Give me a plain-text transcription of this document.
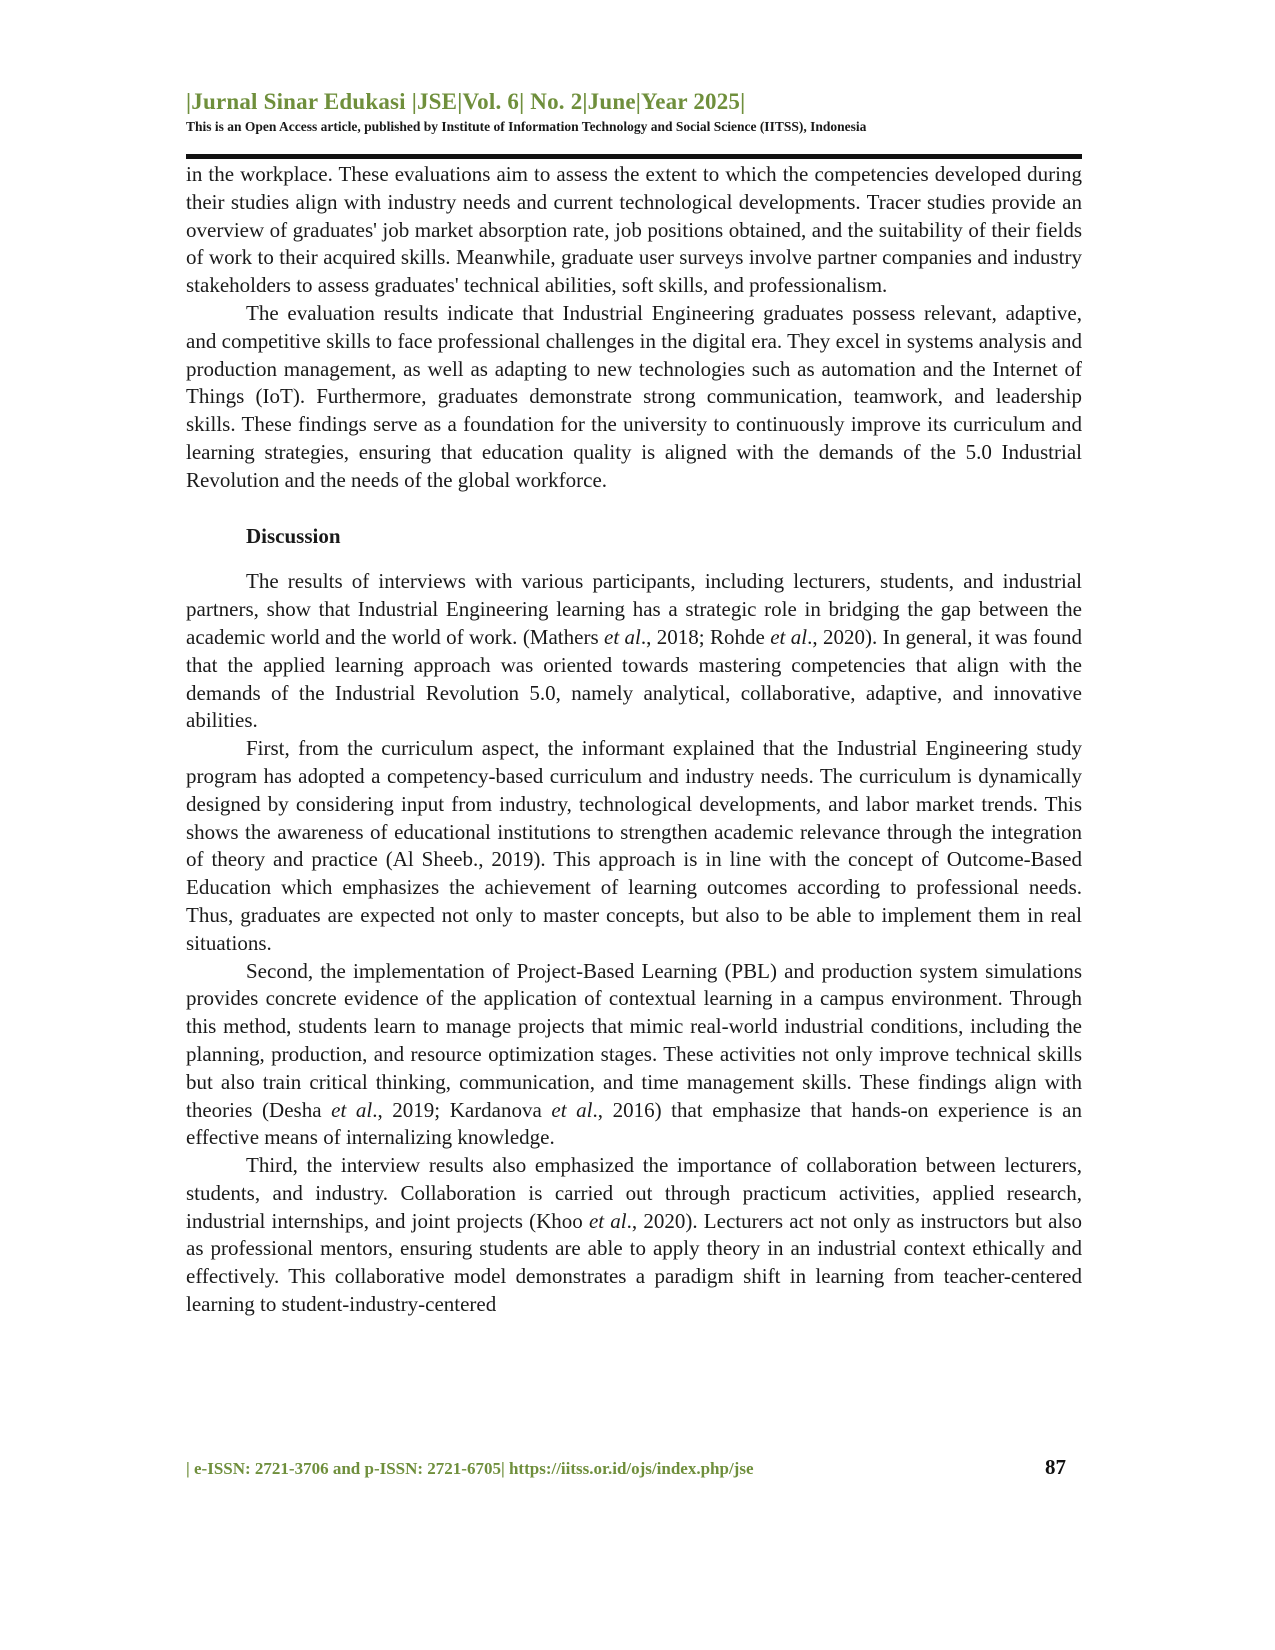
|Jurnal Sinar Edukasi |JSE|Vol. 6| No. 2|June|Year 2025|

This is an Open Access article, published by Institute of Information Technology and Social Science (IITSS), Indonesia

in the workplace. These evaluations aim to assess the extent to which the competencies developed during their studies align with industry needs and current technological developments. Tracer studies provide an overview of graduates' job market absorption rate, job positions obtained, and the suitability of their fields of work to their acquired skills. Meanwhile, graduate user surveys involve partner companies and industry stakeholders to assess graduates' technical abilities, soft skills, and professionalism.

The evaluation results indicate that Industrial Engineering graduates possess relevant, adaptive, and competitive skills to face professional challenges in the digital era. They excel in systems analysis and production management, as well as adapting to new technologies such as automation and the Internet of Things (IoT). Furthermore, graduates demonstrate strong communication, teamwork, and leadership skills. These findings serve as a foundation for the university to continuously improve its curriculum and learning strategies, ensuring that education quality is aligned with the demands of the 5.0 Industrial Revolution and the needs of the global workforce.

Discussion

The results of interviews with various participants, including lecturers, students, and industrial partners, show that Industrial Engineering learning has a strategic role in bridging the gap between the academic world and the world of work. (Mathers et al., 2018; Rohde et al., 2020). In general, it was found that the applied learning approach was oriented towards mastering competencies that align with the demands of the Industrial Revolution 5.0, namely analytical, collaborative, adaptive, and innovative abilities.

First, from the curriculum aspect, the informant explained that the Industrial Engineering study program has adopted a competency-based curriculum and industry needs. The curriculum is dynamically designed by considering input from industry, technological developments, and labor market trends. This shows the awareness of educational institutions to strengthen academic relevance through the integration of theory and practice (Al Sheeb., 2019). This approach is in line with the concept of Outcome-Based Education which emphasizes the achievement of learning outcomes according to professional needs. Thus, graduates are expected not only to master concepts, but also to be able to implement them in real situations.

Second, the implementation of Project-Based Learning (PBL) and production system simulations provides concrete evidence of the application of contextual learning in a campus environment. Through this method, students learn to manage projects that mimic real-world industrial conditions, including the planning, production, and resource optimization stages. These activities not only improve technical skills but also train critical thinking, communication, and time management skills. These findings align with theories (Desha et al., 2019; Kardanova et al., 2016) that emphasize that hands-on experience is an effective means of internalizing knowledge.

Third, the interview results also emphasized the importance of collaboration between lecturers, students, and industry. Collaboration is carried out through practicum activities, applied research, industrial internships, and joint projects (Khoo et al., 2020). Lecturers act not only as instructors but also as professional mentors, ensuring students are able to apply theory in an industrial context ethically and effectively. This collaborative model demonstrates a paradigm shift in learning from teacher-centered learning to student-industry-centered

| e-ISSN: 2721-3706 and p-ISSN: 2721-6705| https://iitss.or.id/ojs/index.php/jse	87
